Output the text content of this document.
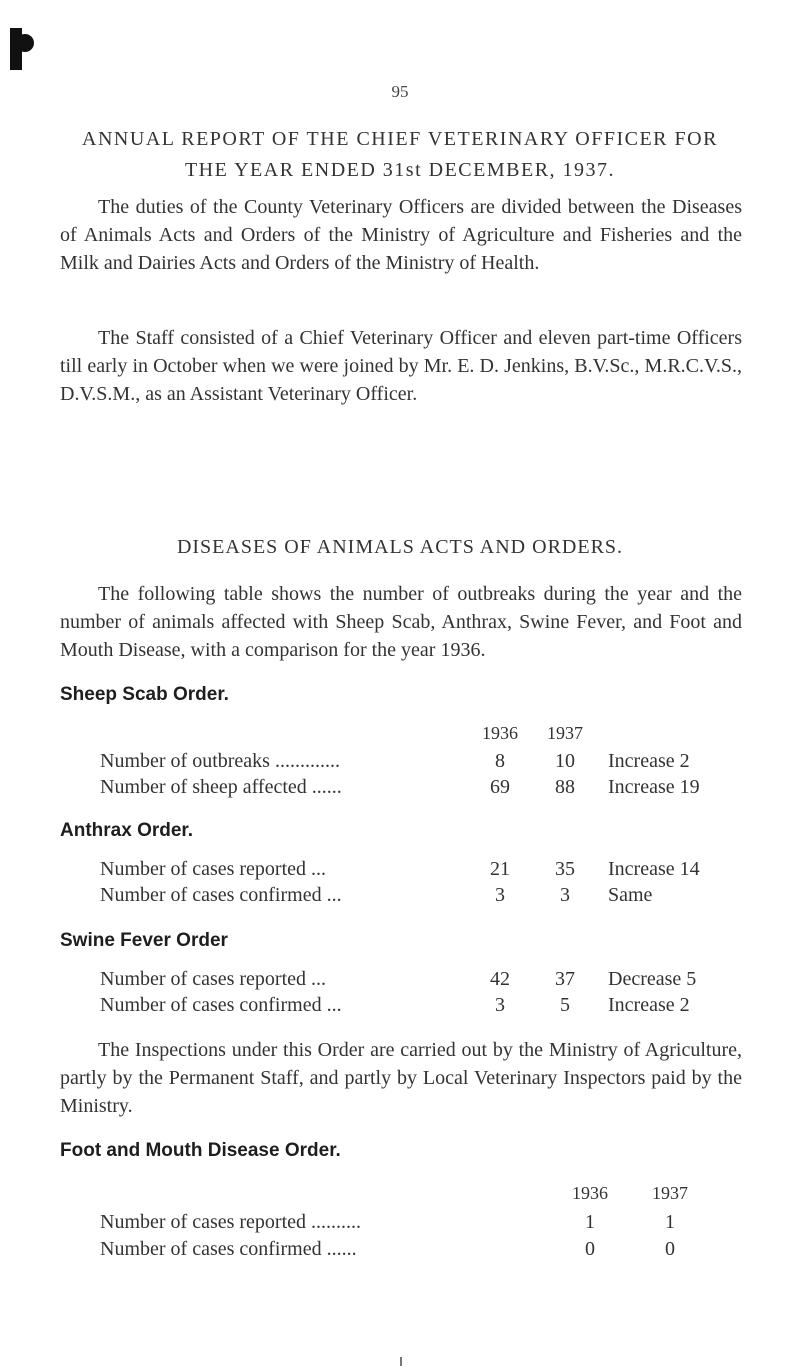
95
ANNUAL REPORT OF THE CHIEF VETERINARY OFFICER FOR THE YEAR ENDED 31st DECEMBER, 1937.

The duties of the County Veterinary Officers are divided between the Diseases of Animals Acts and Orders of the Ministry of Agriculture and Fisheries and the Milk and Dairies Acts and Orders of the Ministry of Health.

The Staff consisted of a Chief Veterinary Officer and eleven part-time Officers till early in October when we were joined by Mr. E. D. Jenkins, B.V.Sc., M.R.C.V.S., D.V.S.M., as an Assistant Veterinary Officer.

DISEASES OF ANIMALS ACTS AND ORDERS.

The following table shows the number of outbreaks during the year and the number of animals affected with Sheep Scab, Anthrax, Swine Fever, and Foot and Mouth Disease, with a comparison for the year 1936.

Sheep Scab Order.
1936	1937
Number of outbreaks .............	8	10	Increase 2
Number of sheep affected ......	69	88	Increase 19
Anthrax Order.
Number of cases reported ...	21	35	Increase 14
Number of cases confirmed ...	3	3	Same
Swine Fever Order
Number of cases reported ...	42	37	Decrease 5
Number of cases confirmed ...	3	5	Increase 2

The Inspections under this Order are carried out by the Ministry of Agriculture, partly by the Permanent Staff, and partly by Local Veterinary Inspectors paid by the Ministry.

Foot and Mouth Disease Order.
1936	1937
Number of cases reported ..........	1	1
Number of cases confirmed ......	0	0
